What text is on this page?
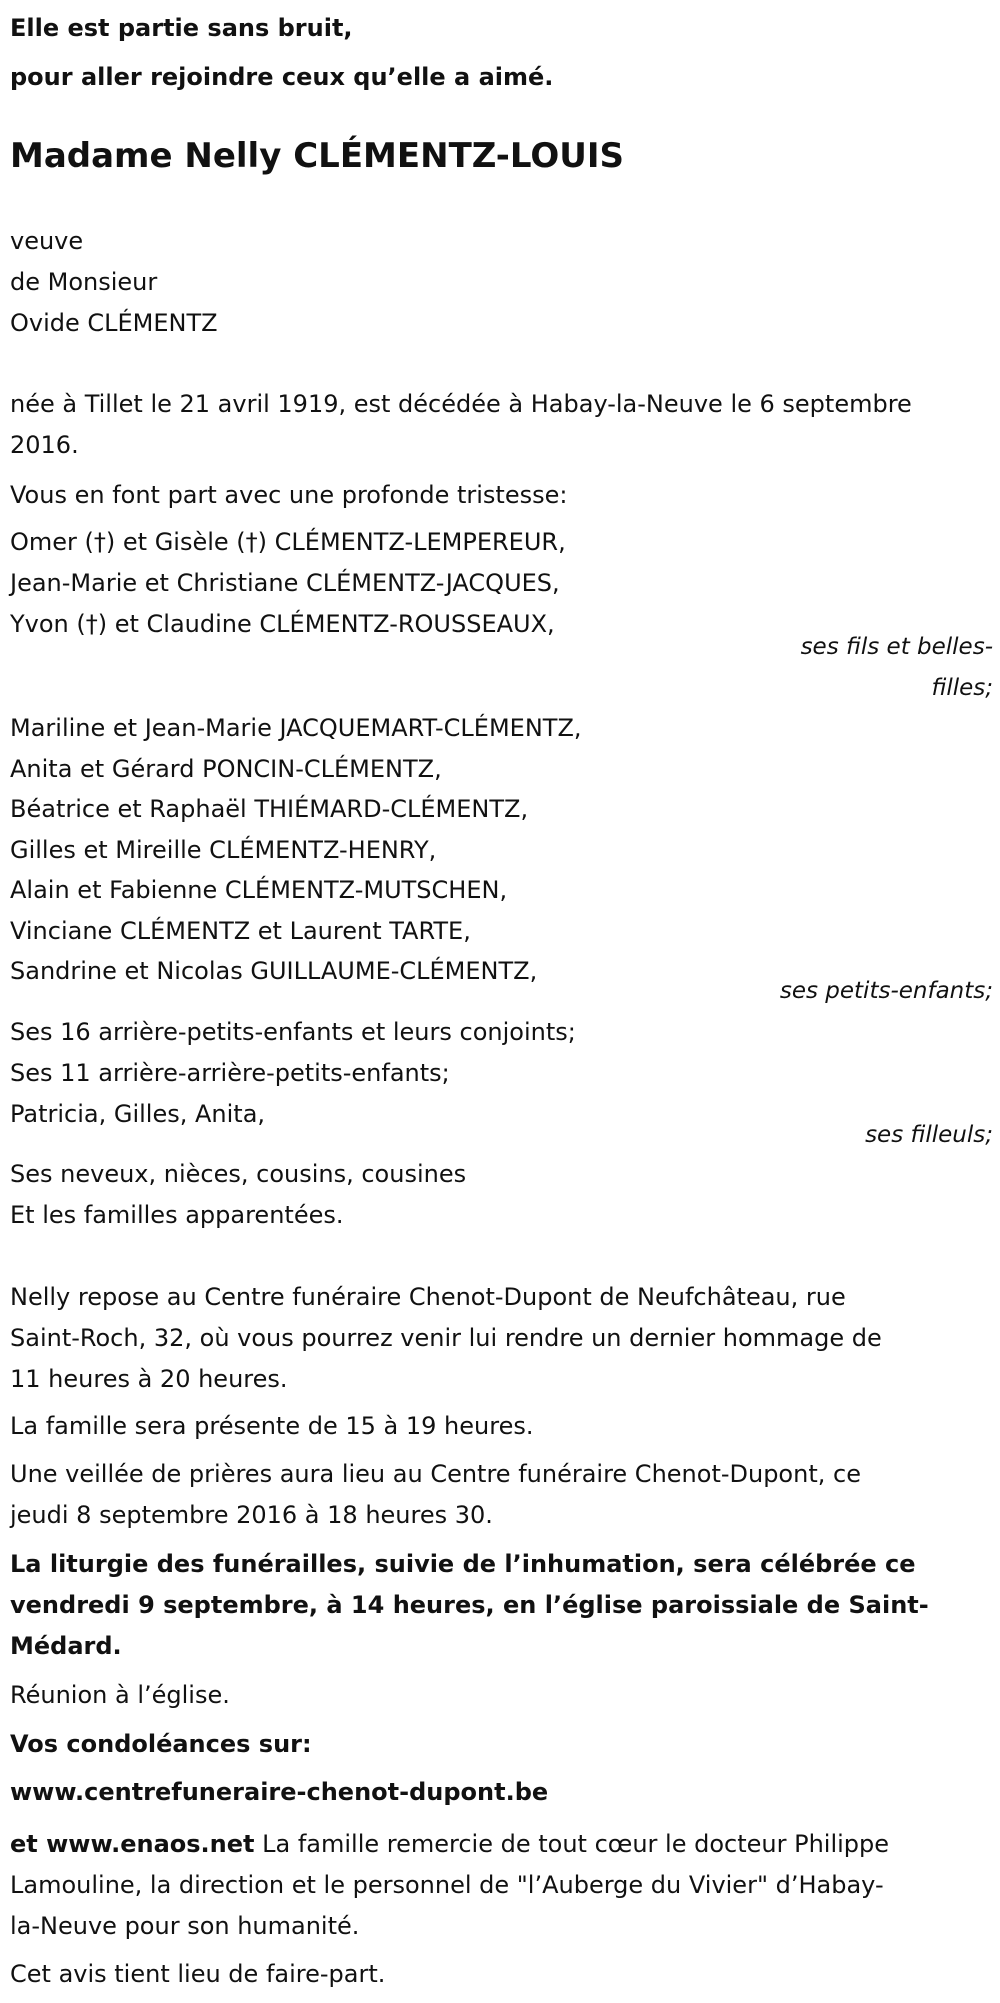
Elle est partie sans bruit,
pour aller rejoindre ceux qu’elle a aimé.
Madame Nelly CLÉMENTZ-LOUIS
veuve
de Monsieur
Ovide CLÉMENTZ
née à Tillet le 21 avril 1919, est décédée à Habay-la-Neuve le 6 septembre
2016.
Vous en font part avec une profonde tristesse:
Omer (†) et Gisèle (†) CLÉMENTZ-LEMPEREUR,
Jean-Marie et Christiane CLÉMENTZ-JACQUES,
Yvon (†) et Claudine CLÉMENTZ-ROUSSEAUX,
ses fils et belles-
filles;
Mariline et Jean-Marie JACQUEMART-CLÉMENTZ,
Anita et Gérard PONCIN-CLÉMENTZ,
Béatrice et Raphaël THIÉMARD-CLÉMENTZ,
Gilles et Mireille CLÉMENTZ-HENRY,
Alain et Fabienne CLÉMENTZ-MUTSCHEN,
Vinciane CLÉMENTZ et Laurent TARTE,
Sandrine et Nicolas GUILLAUME-CLÉMENTZ,
ses petits-enfants;
Ses 16 arrière-petits-enfants et leurs conjoints;
Ses 11 arrière-arrière-petits-enfants;
Patricia, Gilles, Anita,
ses filleuls;
Ses neveux, nièces, cousins, cousines
Et les familles apparentées.
Nelly repose au Centre funéraire Chenot-Dupont de Neufchâteau, rue
Saint-Roch, 32, où vous pourrez venir lui rendre un dernier hommage de
11 heures à 20 heures.
La famille sera présente de 15 à 19 heures.
Une veillée de prières aura lieu au Centre funéraire Chenot-Dupont, ce
jeudi 8 septembre 2016 à 18 heures 30.
La liturgie des funérailles, suivie de l’inhumation, sera célébrée ce
vendredi 9 septembre, à 14 heures, en l’église paroissiale de Saint-
Médard.
Réunion à l’église.
Vos condoléances sur:
www.centrefuneraire-chenot-dupont.be
et www.enaos.net La famille remercie de tout cœur le docteur Philippe
Lamouline, la direction et le personnel de "l’Auberge du Vivier" d’Habay-
la-Neuve pour son humanité.
Cet avis tient lieu de faire-part.
